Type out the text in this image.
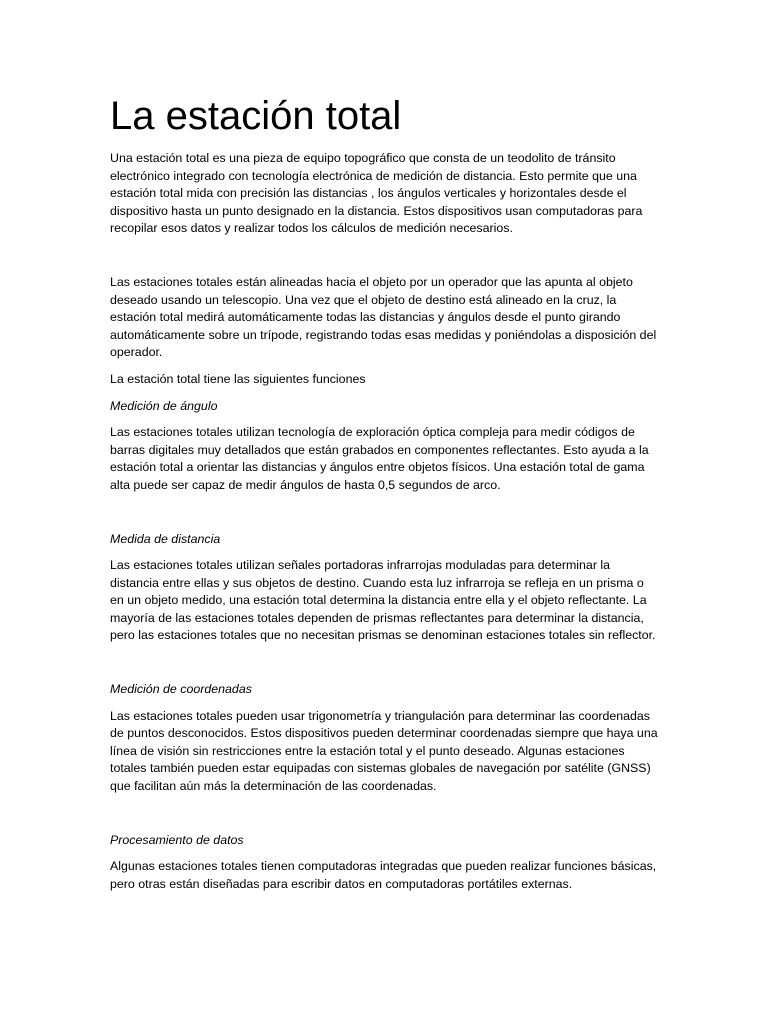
La estación total

Una estación total es una pieza de equipo topográfico que consta de un teodolito de tránsito electrónico integrado con tecnología electrónica de medición de distancia. Esto permite que una estación total mida con precisión las distancias , los ángulos verticales y horizontales desde el dispositivo hasta un punto designado en la distancia. Estos dispositivos usan computadoras para recopilar esos datos y realizar todos los cálculos de medición necesarios.

Las estaciones totales están alineadas hacia el objeto por un operador que las apunta al objeto deseado usando un telescopio. Una vez que el objeto de destino está alineado en la cruz, la estación total medirá automáticamente todas las distancias y ángulos desde el punto girando automáticamente sobre un trípode, registrando todas esas medidas y poniéndolas a disposición del operador.

La estación total tiene las siguientes funciones

Medición de ángulo

Las estaciones totales utilizan tecnología de exploración óptica compleja para medir códigos de barras digitales muy detallados que están grabados en componentes reflectantes. Esto ayuda a la estación total a orientar las distancias y ángulos entre objetos físicos. Una estación total de gama alta puede ser capaz de medir ángulos de hasta 0,5 segundos de arco.

Medida de distancia

Las estaciones totales utilizan señales portadoras infrarrojas moduladas para determinar la distancia entre ellas y sus objetos de destino. Cuando esta luz infrarroja se refleja en un prisma o en un objeto medido, una estación total determina la distancia entre ella y el objeto reflectante. La mayoría de las estaciones totales dependen de prismas reflectantes para determinar la distancia, pero las estaciones totales que no necesitan prismas se denominan estaciones totales sin reflector.

Medición de coordenadas

Las estaciones totales pueden usar trigonometría y triangulación para determinar las coordenadas de puntos desconocidos. Estos dispositivos pueden determinar coordenadas siempre que haya una línea de visión sin restricciones entre la estación total y el punto deseado. Algunas estaciones totales también pueden estar equipadas con sistemas globales de navegación por satélite (GNSS) que facilitan aún más la determinación de las coordenadas.

Procesamiento de datos

Algunas estaciones totales tienen computadoras integradas que pueden realizar funciones básicas, pero otras están diseñadas para escribir datos en computadoras portátiles externas.
